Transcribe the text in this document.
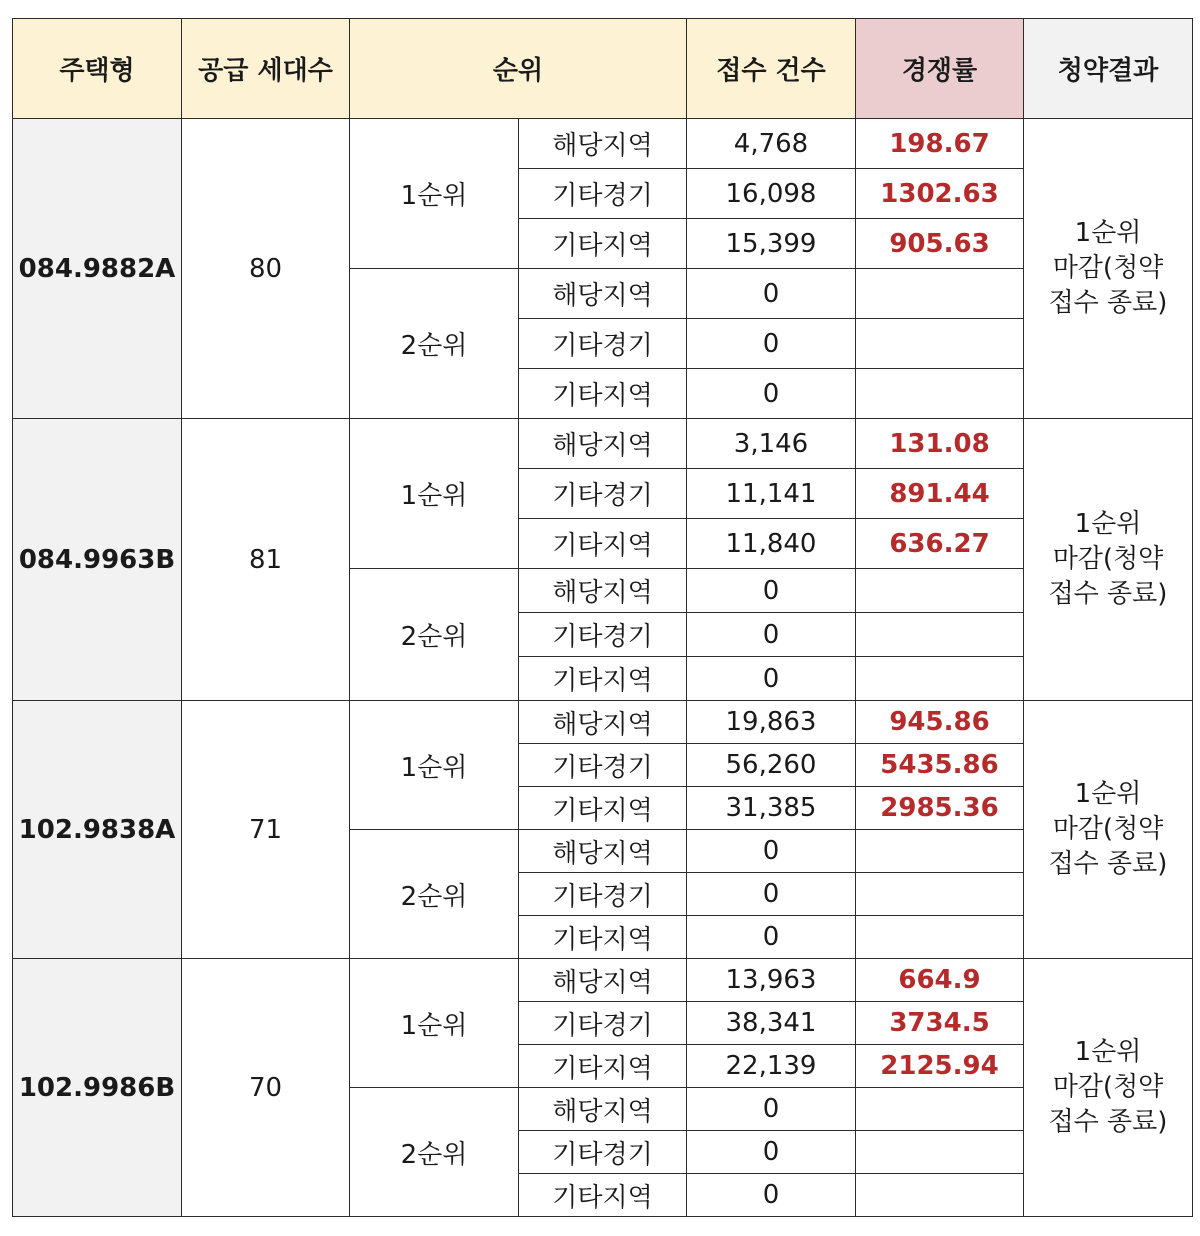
주택형	공급 세대수	순위		접수 건수	경쟁률	청약결과
084.9882A	80	1순위	해당지역	4,768	198.67	1순위
마감(청약
접수 종료)

			기타경기	16,098	1302.63	
			기타지역	15,399	905.63	
		2순위	해당지역	0		
			기타경기	0		
			기타지역	0		
084.9963B	81	1순위	해당지역	3,146	131.08	1순위
마감(청약
접수 종료)

			기타경기	11,141	891.44	
			기타지역	11,840	636.27	
		2순위	해당지역	0		
			기타경기	0		
			기타지역	0		
102.9838A	71	1순위	해당지역	19,863	945.86	1순위
마감(청약
접수 종료)

			기타경기	56,260	5435.86	
			기타지역	31,385	2985.36	
		2순위	해당지역	0		
			기타경기	0		
			기타지역	0		
102.9986B	70	1순위	해당지역	13,963	664.9	1순위
마감(청약
접수 종료)

			기타경기	38,341	3734.5	
			기타지역	22,139	2125.94	
		2순위	해당지역	0		
			기타경기	0		
			기타지역	0		
